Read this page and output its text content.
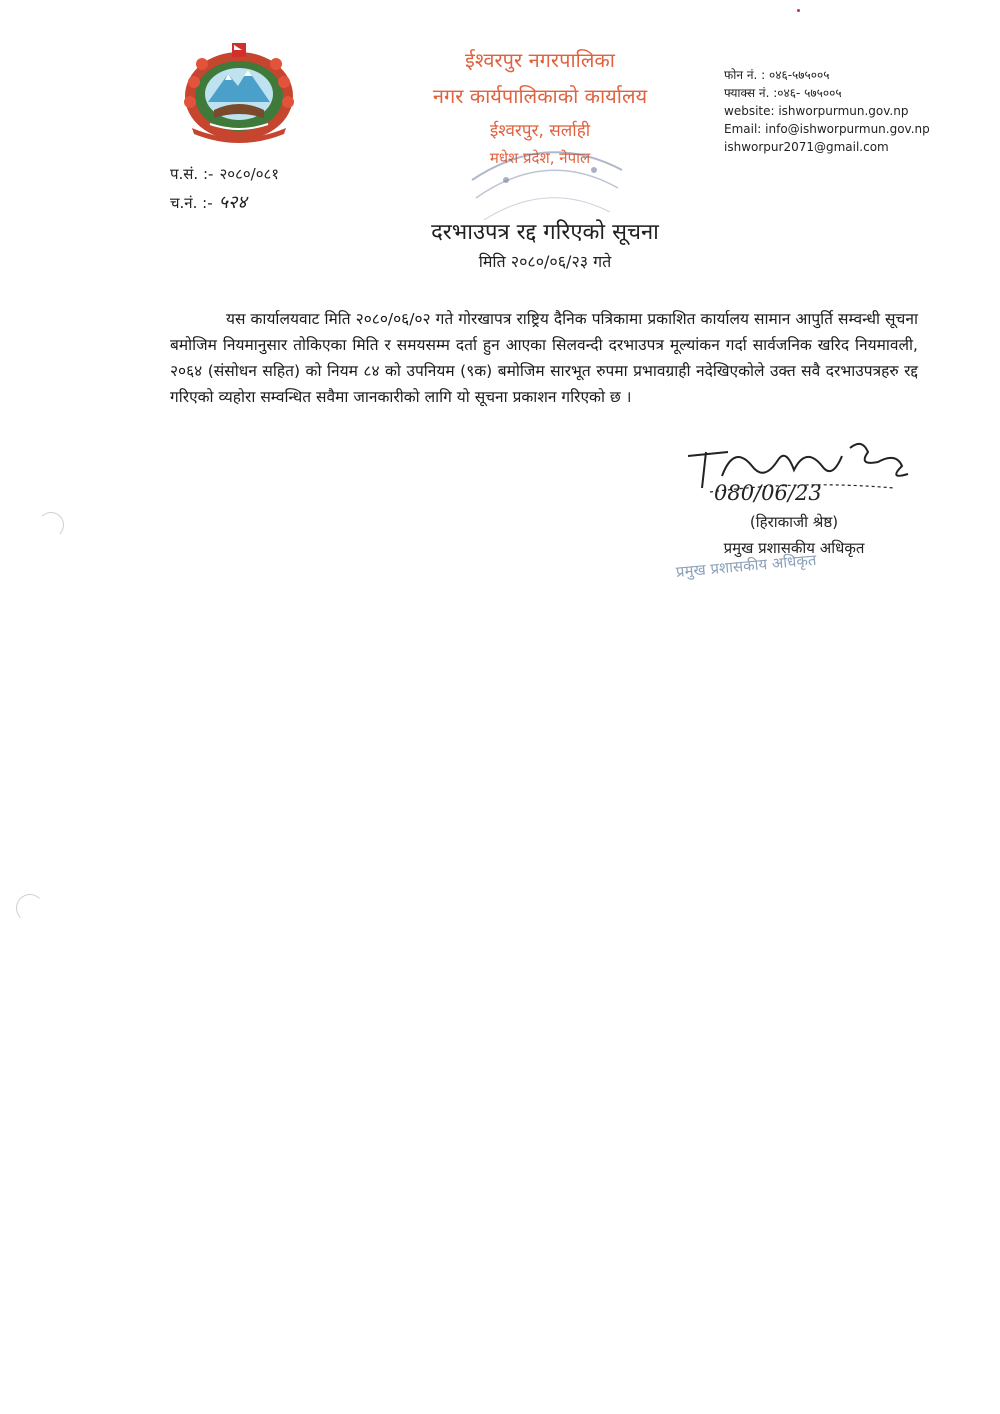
ईश्वरपुर नगरपालिका
नगर कार्यपालिकाको कार्यालय
ईश्वरपुर, सर्लाही
मधेश प्रदेश, नेपाल
फोन नं. : ०४६-५७५००५
फ्याक्स नं. :०४६- ५७५००५
website: ishworpurmun.gov.np
Email: info@ishworpurmun.gov.np
ishworpur2071@gmail.com
प.सं. :- २०८०/०८१
च.नं. :- ५२४
दरभाउपत्र रद्द गरिएको सूचना
मिति २०८०/०६/२३ गते
यस कार्यालयवाट मिति २०८०/०६/०२ गते गोरखापत्र राष्ट्रिय दैनिक पत्रिकामा प्रकाशित कार्यालय सामान आपुर्ति सम्वन्धी सूचना बमोजिम नियमानुसार तोकिएका मिति र समयसम्म दर्ता हुन आएका सिलवन्दी दरभाउपत्र मूल्यांकन गर्दा सार्वजनिक खरिद नियमावली, २०६४ (संसोधन सहित) को नियम ८४ को उपनियम (९क) बमोजिम सारभूत रुपमा प्रभावग्राही नदेखिएकोले उक्त सवै दरभाउपत्रहरु रद्द गरिएको व्यहोरा सम्वन्धित सवैमा जानकारीको लागि यो सूचना प्रकाशन गरिएको छ ।
080/06/23
(हिराकाजी श्रेष्ठ)
प्रमुख प्रशासकीय अधिकृत
प्रमुख प्रशासकीय अधिकृत
